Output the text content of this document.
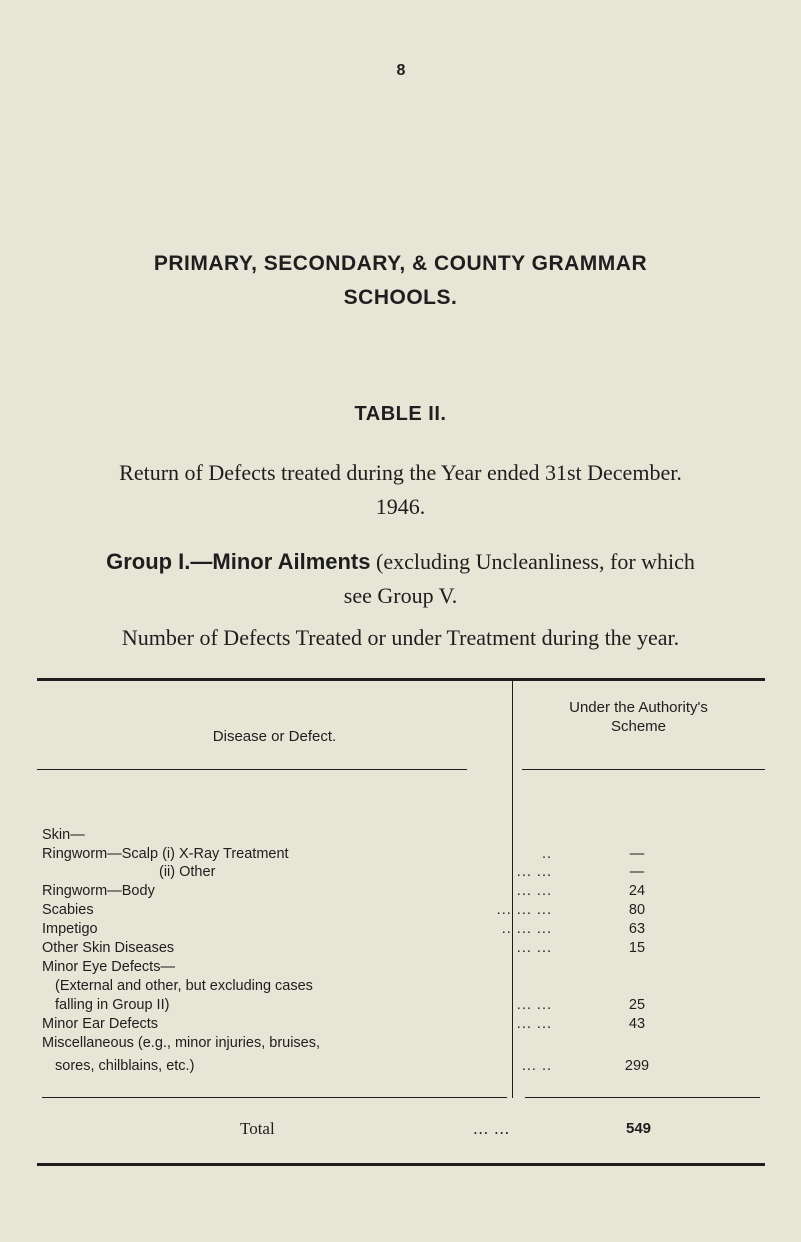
8
PRIMARY, SECONDARY, & COUNTY GRAMMAR
SCHOOLS.
TABLE II.
Return of Defects treated during the Year ended 31st December.
1946.
Group I.—Minor Ailments (excluding Uncleanliness, for which
see Group V.
Number of Defects Treated or under Treatment during the year.
Disease or Defect.
Under the Authority's
Scheme
Skin—
Ringworm—Scalp (i) X-Ray Treatment	..	—
(ii) Other	... ...	—
Ringworm—Body	... ...	24
Scabies	... ... ...	80
Impetigo	.. ... ...	63
Other Skin Diseases	... ...	15
Minor Eye Defects—
(External and other, but excluding cases
falling in Group II)	... ...	25
Minor Ear Defects	... ...	43
Miscellaneous (e.g., minor injuries, bruises,
sores, chilblains, etc.)	... ..	299
Total	... ...	549
